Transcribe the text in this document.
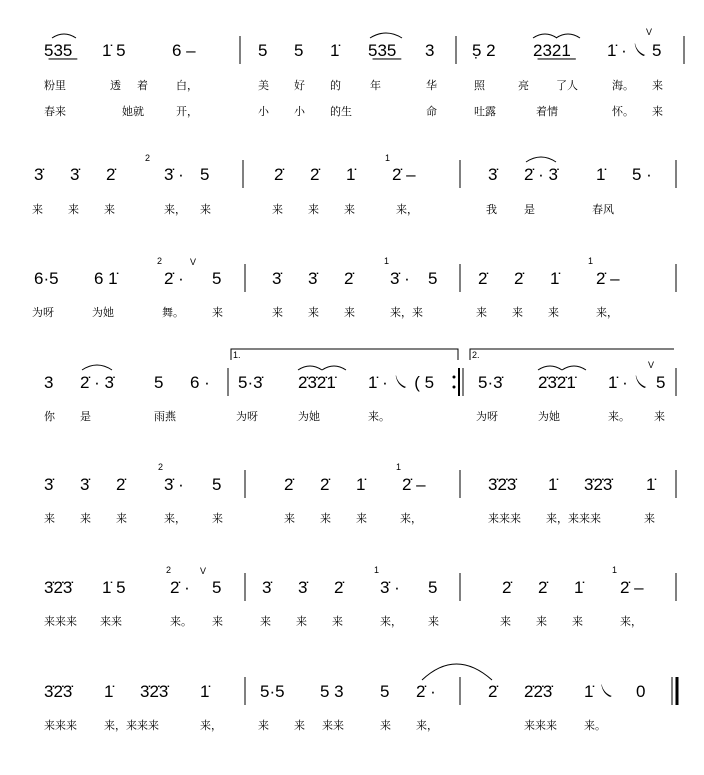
5̲3̲5̲ 1̇ 5	6 –	5 5 1̇ 5̲3̲5̲ 3 5̣ 2 2̲3̲2̲1̲ 1̇ · ㇏ 5
V
粉里	透 着	白，	美 好 的	年	华	照	亮 了人	海。 来
春来	她就	开，	小 小 的生	命	吐露	着情	怀。 来
3̇ 3̇ 2̇	3̇ · 5	2̇ 2̇ 1̇ 2̇ –	3̇ 2̇ · 3̇ 1̇ 5 ·
2	1
来 来 来	来， 来	来 来 来	来，	我 是	春风
6·5 6 1̇	2̇ · 5	3̇ 3̇ 2̇ 3̇ · 5 2̇ 2̇ 1̇ 2̇ –
2	1	1
V
为呀	为她	舞。	来	来 来 来	来，来	来 来 来	来，
1.	2.
3 2̇ · 3̇ 5 6 · 5·3̇ 2̇3̇2̇1̇ 1̇ · ㇏ ( 5	5·3̇ 2̇3̇2̇1̇ 1̇ · ㇏ 5
V
你 是	雨燕	为呀	为她	来。	为呀	为她	来。 来
3̇ 3̇ 2̇ 3̇ · 5	2̇ 2̇ 1̇ 2̇ –	3̇2̇3̇ 1̇ 3̇2̇3̇ 1̇
2	1
来 来 来	来， 来	来 来 来	来，	来来来 来，来来来	来
3̇2̇3̇ 1̇ 5	2̇ · 5 3̇ 3̇ 2̇ 3̇ · 5	2̇ 2̇ 1̇ 2̇ –
2	1	1
V
来来来 来来	来。 来	来 来 来	来， 来	来 来 来	来，
3̇2̇3̇ 1̇ 3̇2̇3̇ 1̇	5·5 5 3 5 2̇ ·	2̇ 2̇2̇3̇ 1̇ ㇏ 0
来来来 来，来来来	来，	来 来 来来	来 来，	来来来 来。
